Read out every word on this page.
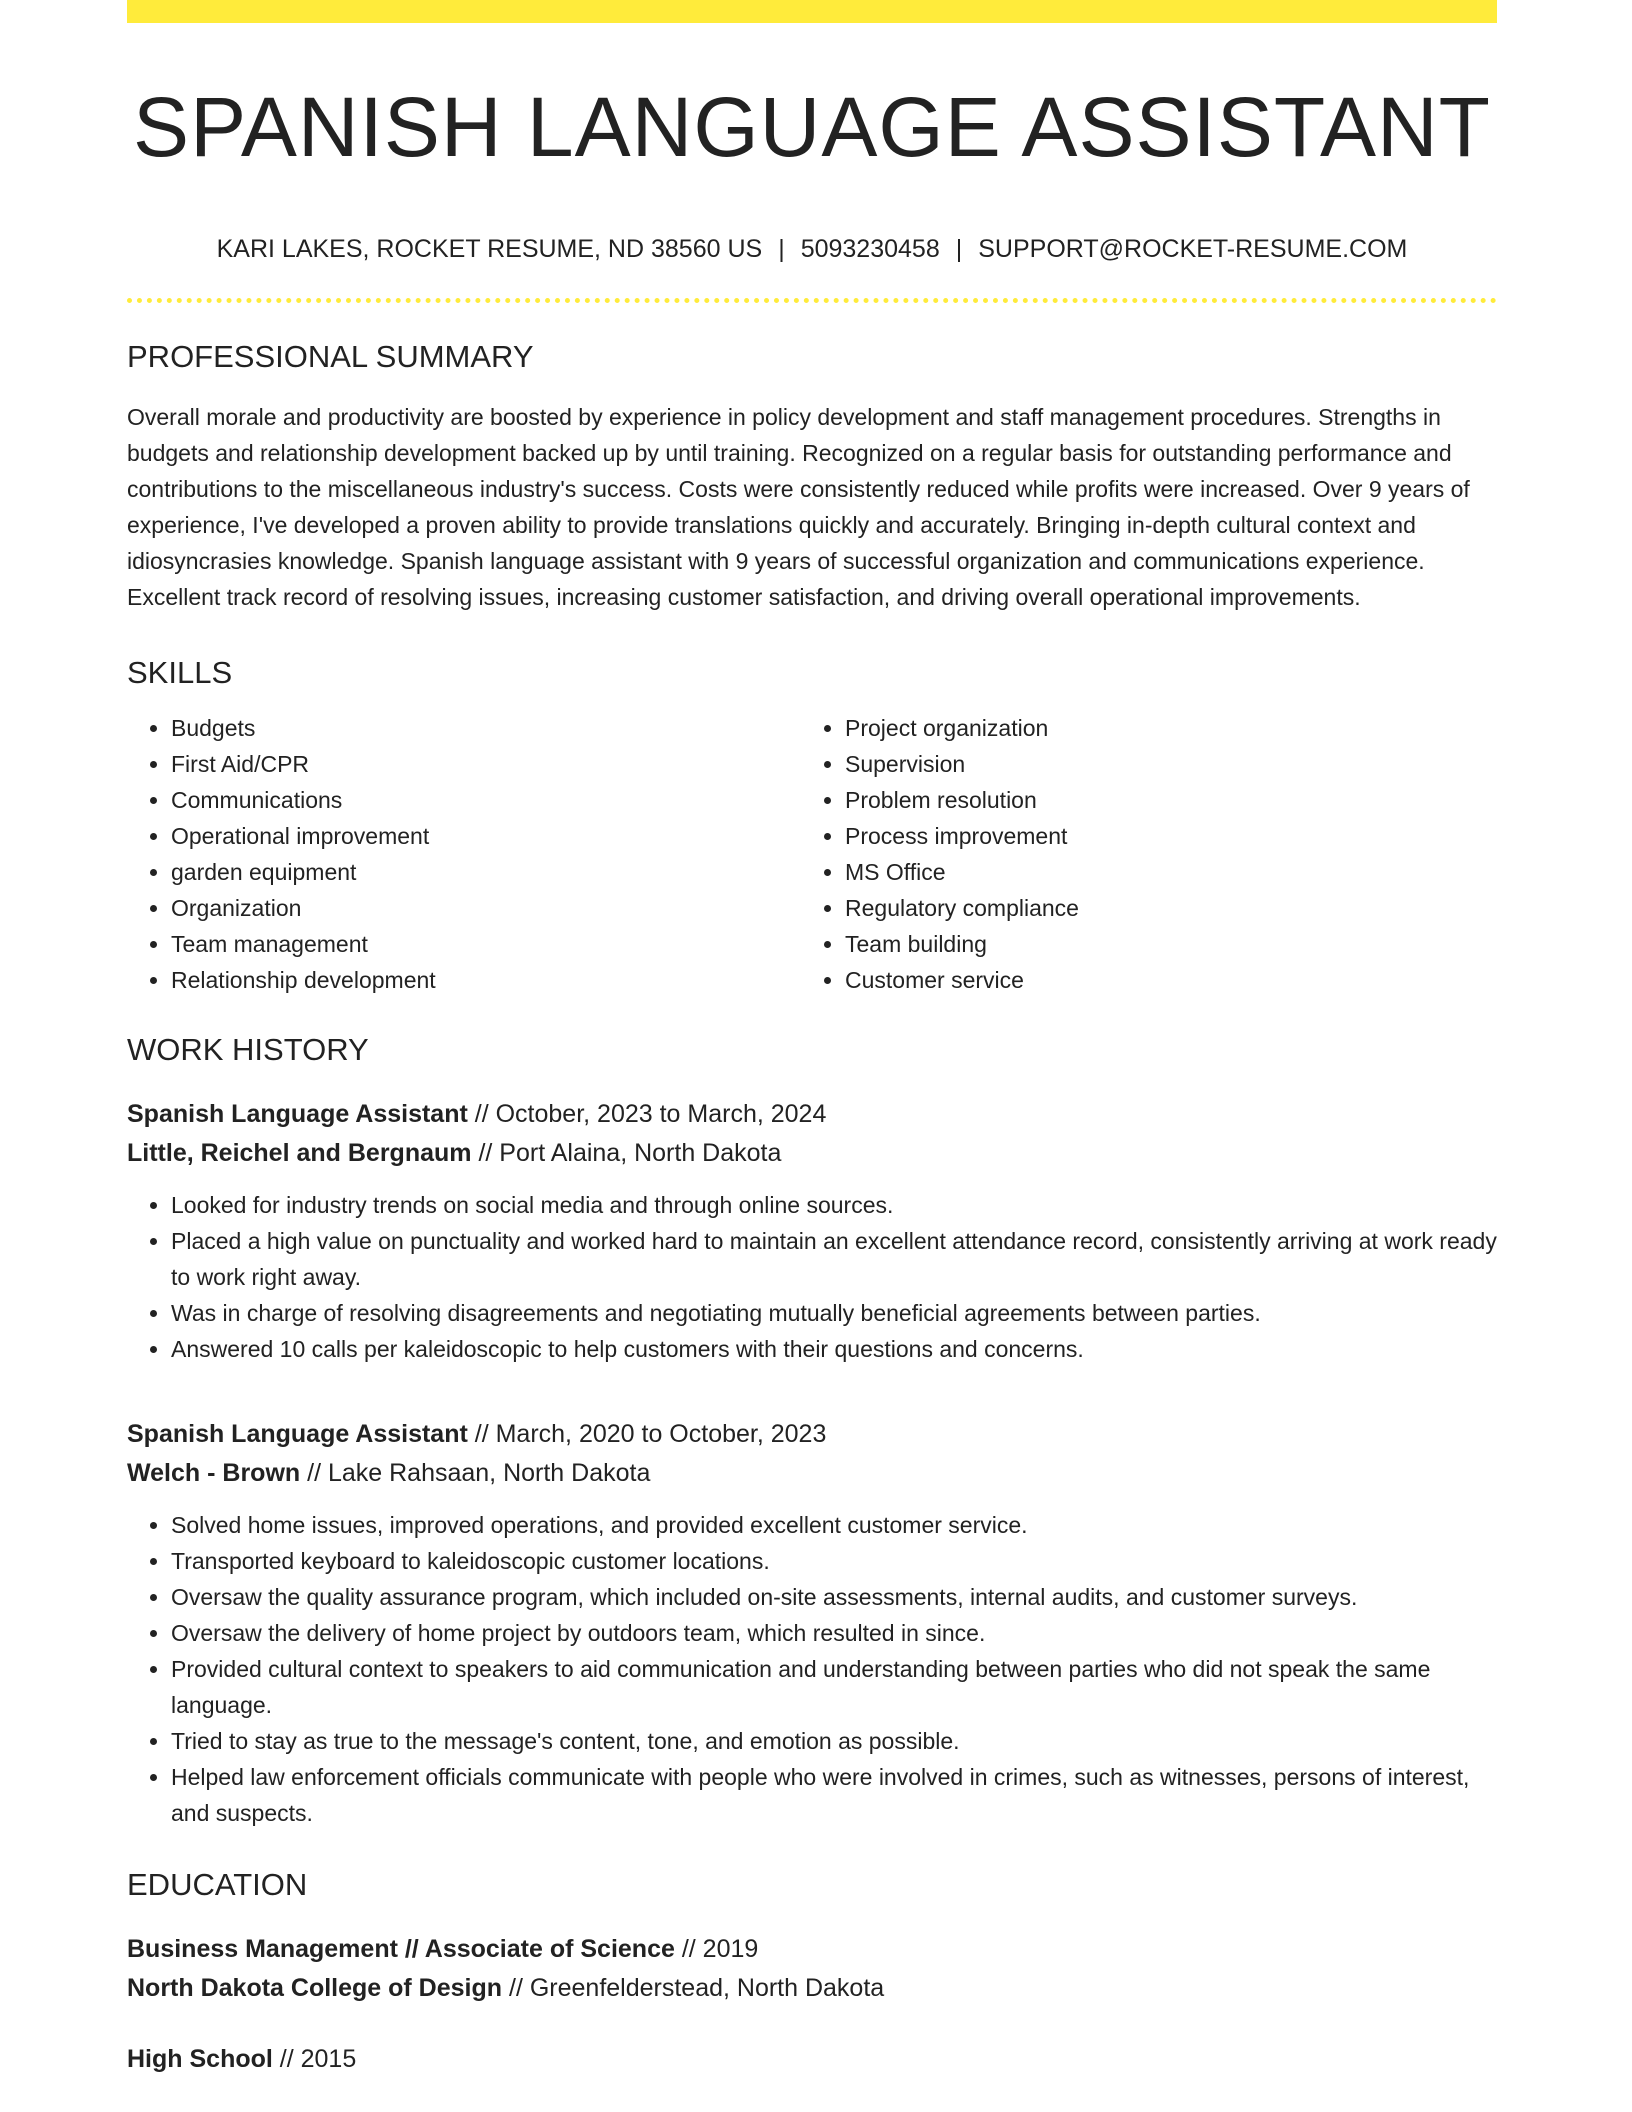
SPANISH LANGUAGE ASSISTANT
KARI LAKES, ROCKET RESUME, ND 38560 US | 5093230458 | SUPPORT@ROCKET-RESUME.COM
PROFESSIONAL SUMMARY
Overall morale and productivity are boosted by experience in policy development and staff management procedures. Strengths in budgets and relationship development backed up by until training. Recognized on a regular basis for outstanding performance and contributions to the miscellaneous industry's success. Costs were consistently reduced while profits were increased. Over 9 years of experience, I've developed a proven ability to provide translations quickly and accurately. Bringing in-depth cultural context and idiosyncrasies knowledge. Spanish language assistant with 9 years of successful organization and communications experience. Excellent track record of resolving issues, increasing customer satisfaction, and driving overall operational improvements.
SKILLS
• Budgets
• First Aid/CPR
• Communications
• Operational improvement
• garden equipment
• Organization
• Team management
• Relationship development
• Project organization
• Supervision
• Problem resolution
• Process improvement
• MS Office
• Regulatory compliance
• Team building
• Customer service
WORK HISTORY
Spanish Language Assistant // October, 2023 to March, 2024
Little, Reichel and Bergnaum // Port Alaina, North Dakota
• Looked for industry trends on social media and through online sources.
• Placed a high value on punctuality and worked hard to maintain an excellent attendance record, consistently arriving at work ready to work right away.
• Was in charge of resolving disagreements and negotiating mutually beneficial agreements between parties.
• Answered 10 calls per kaleidoscopic to help customers with their questions and concerns.
Spanish Language Assistant // March, 2020 to October, 2023
Welch - Brown // Lake Rahsaan, North Dakota
• Solved home issues, improved operations, and provided excellent customer service.
• Transported keyboard to kaleidoscopic customer locations.
• Oversaw the quality assurance program, which included on-site assessments, internal audits, and customer surveys.
• Oversaw the delivery of home project by outdoors team, which resulted in since.
• Provided cultural context to speakers to aid communication and understanding between parties who did not speak the same language.
• Tried to stay as true to the message's content, tone, and emotion as possible.
• Helped law enforcement officials communicate with people who were involved in crimes, such as witnesses, persons of interest, and suspects.
EDUCATION
Business Management // Associate of Science // 2019
North Dakota College of Design // Greenfelderstead, North Dakota
High School // 2015
